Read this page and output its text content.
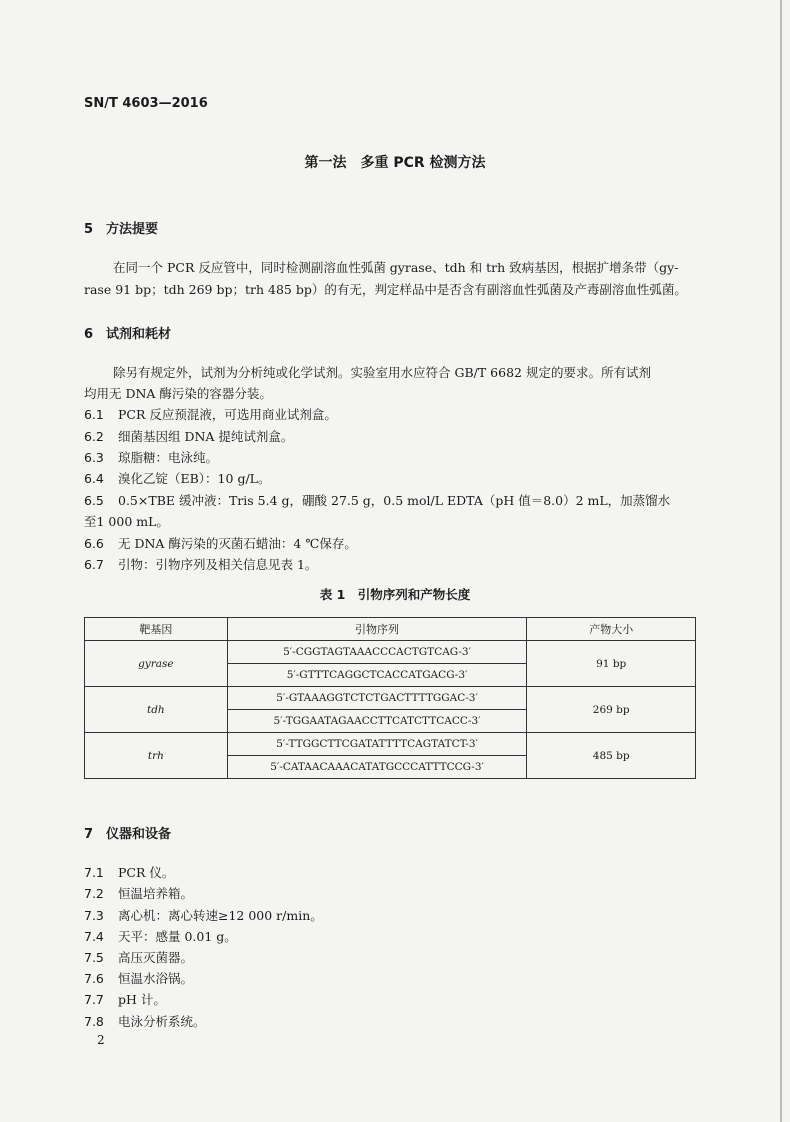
SN/T 4603—2016
第一法　多重 PCR 检测方法
5 方法提要
在同一个 PCR 反应管中，同时检测副溶血性弧菌 gyrase、tdh 和 trh 致病基因，根据扩增条带（gy-
rase 91 bp；tdh 269 bp；trh 485 bp）的有无，判定样品中是否含有副溶血性弧菌及产毒副溶血性弧菌。
6 试剂和耗材
除另有规定外，试剂为分析纯或化学试剂。实验室用水应符合 GB/T 6682 规定的要求。所有试剂
均用无 DNA 酶污染的容器分装。
6.1 PCR 反应预混液，可选用商业试剂盒。
6.2 细菌基因组 DNA 提纯试剂盒。
6.3 琼脂糖：电泳纯。
6.4 溴化乙锭（EB）：10 g/L。
6.5 0.5×TBE 缓冲液：Tris 5.4 g，硼酸 27.5 g，0.5 mol/L EDTA（pH 值＝8.0）2 mL，加蒸馏水
至1 000 mL。
6.6 无 DNA 酶污染的灭菌石蜡油：4 ℃保存。
6.7 引物：引物序列及相关信息见表 1。
表 1　引物序列和产物长度
靶基因	引物序列	产物大小
gyrase	5′-CGGTAGTAAACCCACTGTCAG-3′	91 bp
	5′-GTTTCAGGCTCACCATGACG-3′	
tdh	5′-GTAAAGGTCTCTGACTTTTGGAC-3′	269 bp
	5′-TGGAATAGAACCTTCATCTTCACC-3′	
trh	5′-TTGGCTTCGATATTTTCAGTATCT-3′	485 bp
	5′-CATAACAAACATATGCCCATTTCCG-3′	
7 仪器和设备
7.1 PCR 仪。
7.2 恒温培养箱。
7.3 离心机：离心转速≥12 000 r/min。
7.4 天平：感量 0.01 g。
7.5 高压灭菌器。
7.6 恒温水浴锅。
7.7 pH 计。
7.8 电泳分析系统。
2
